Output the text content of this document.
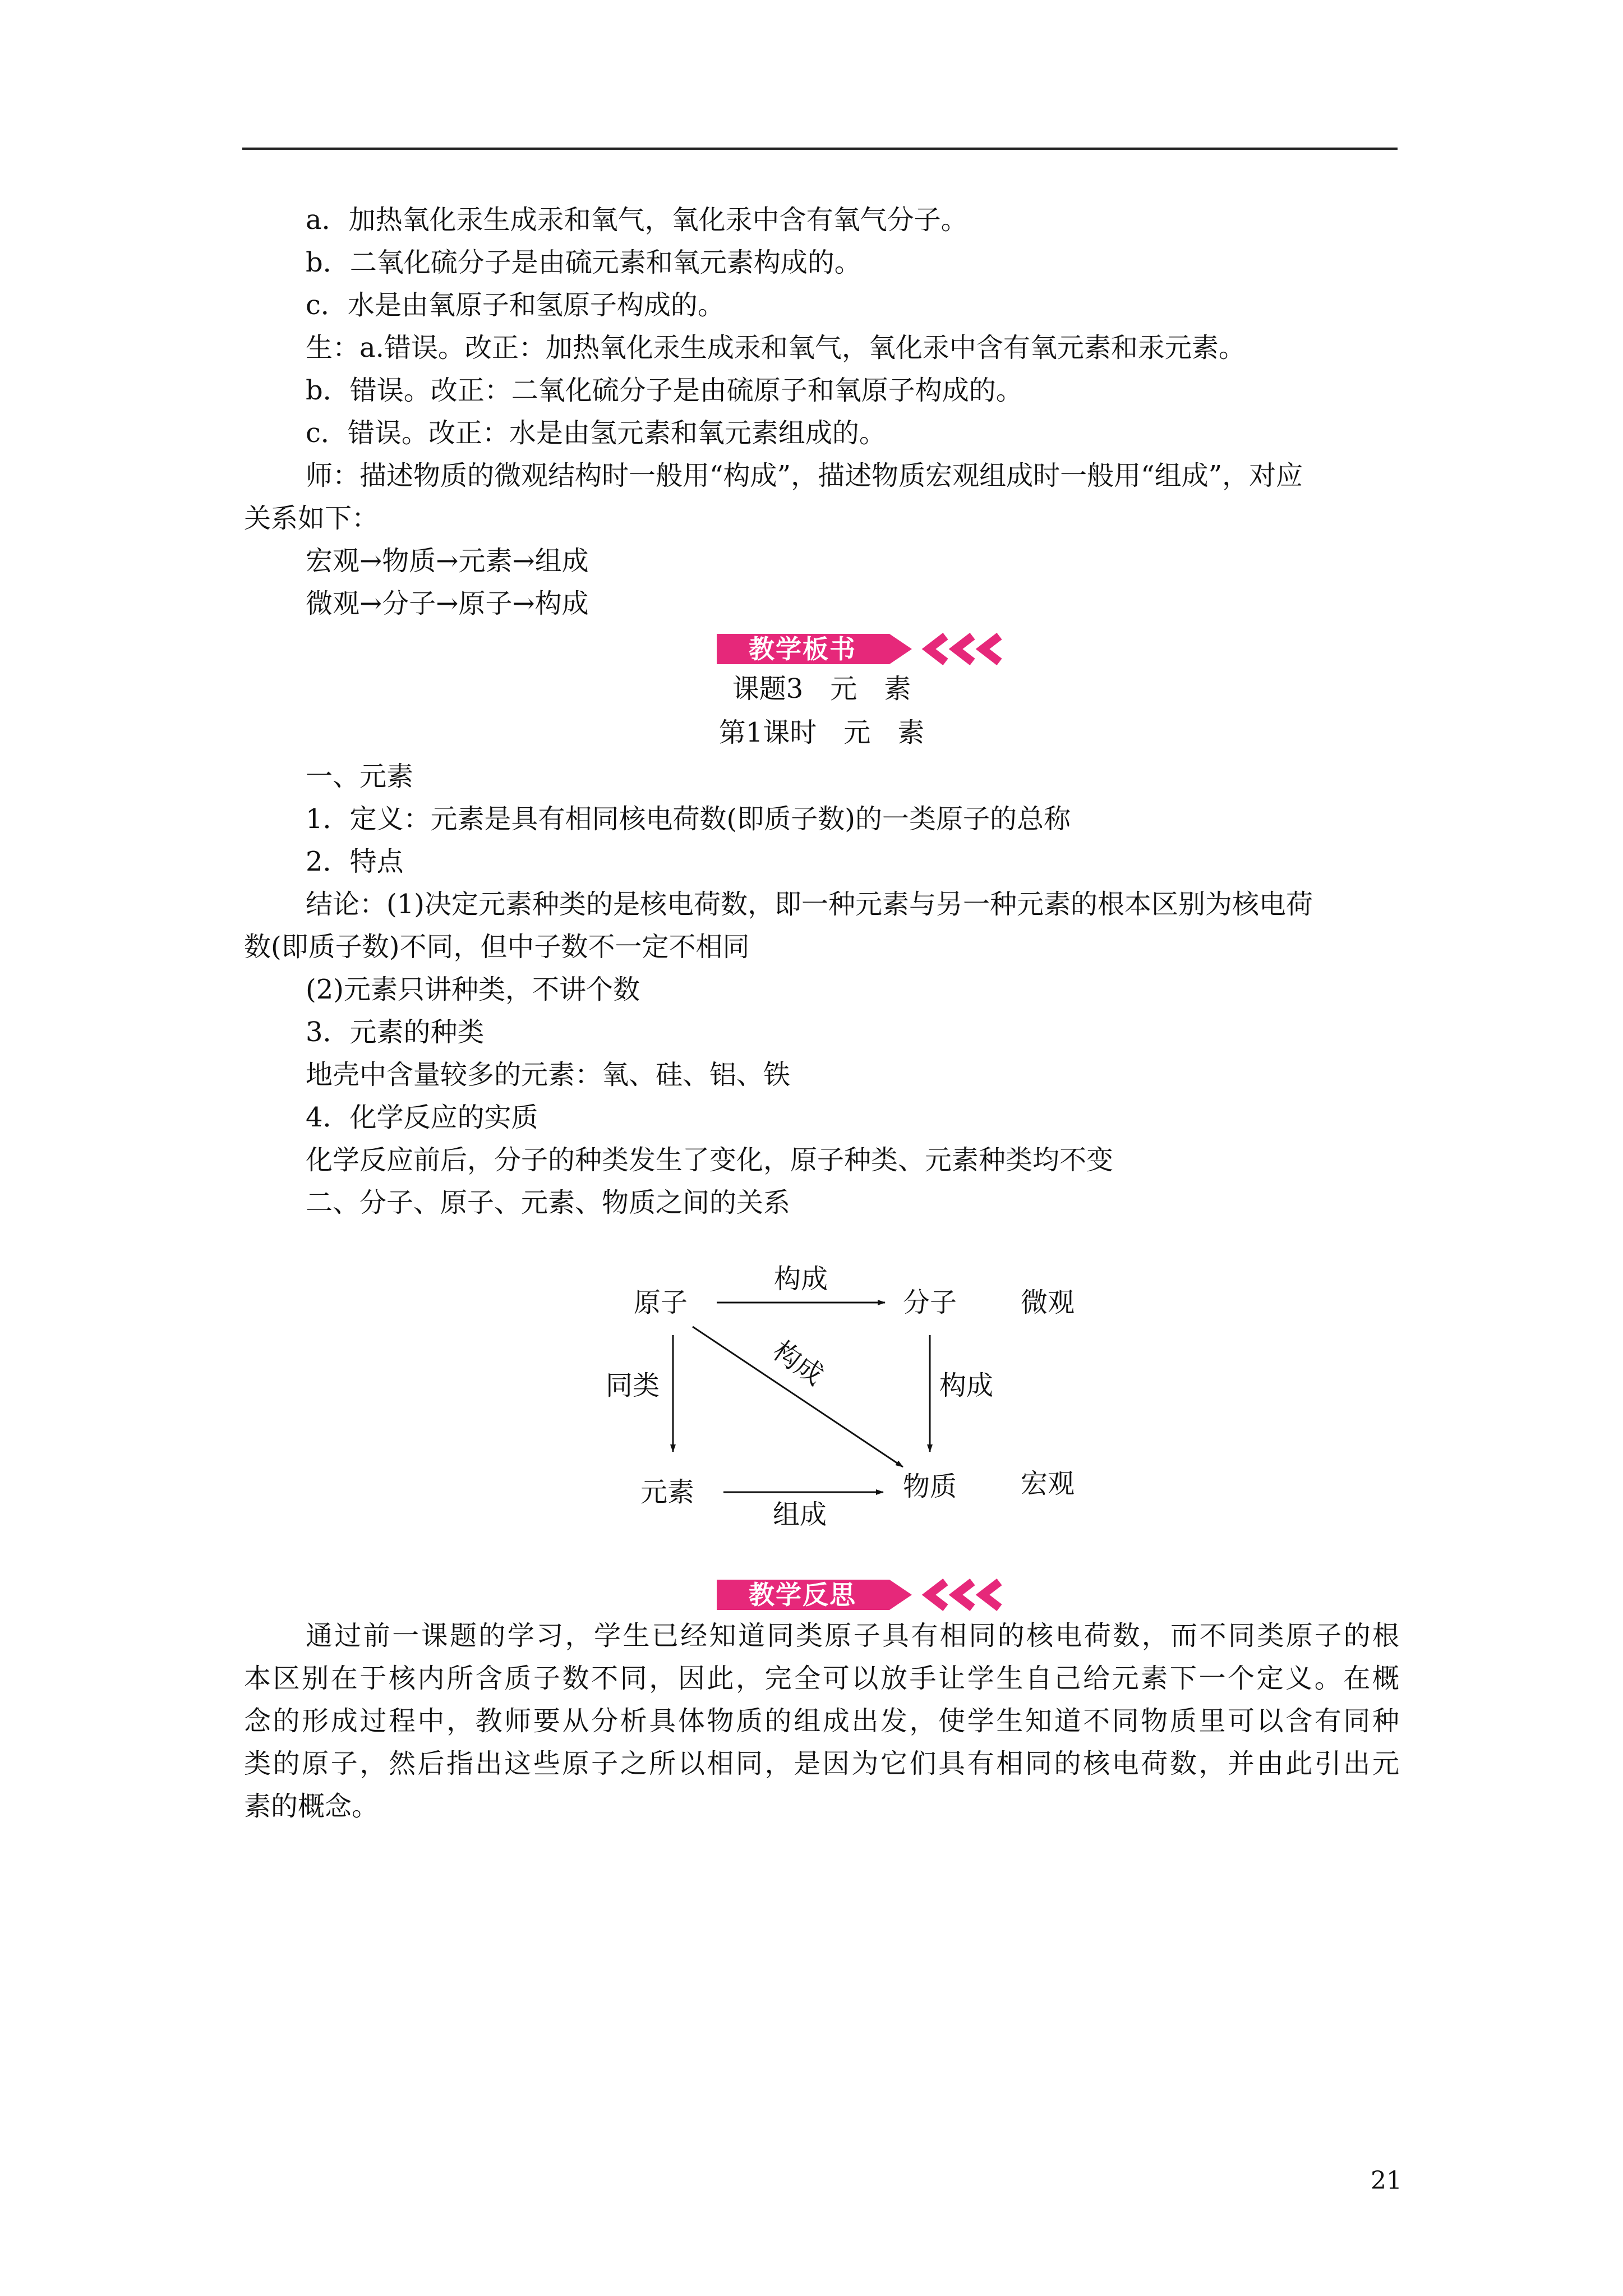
a．加热氧化汞生成汞和氧气，氧化汞中含有氧气分子。
b．二氧化硫分子是由硫元素和氧元素构成的。
c．水是由氧原子和氢原子构成的。
生：a.错误。改正：加热氧化汞生成汞和氧气，氧化汞中含有氧元素和汞元素。
b．错误。改正：二氧化硫分子是由硫原子和氧原子构成的。
c．错误。改正：水是由氢元素和氧元素组成的。
师：描述物质的微观结构时一般用“构成”，描述物质宏观组成时一般用“组成”，对应
关系如下：
宏观→物质→元素→组成
微观→分子→原子→构成
教学板书
课题3　元　素
第1课时　元　素
一、元素
1．定义：元素是具有相同核电荷数(即质子数)的一类原子的总称
2．特点
结论：(1)决定元素种类的是核电荷数，即一种元素与另一种元素的根本区别为核电荷
数(即质子数)不同，但中子数不一定不相同
(2)元素只讲种类，不讲个数
3．元素的种类
地壳中含量较多的元素：氧、硅、铝、铁
4．化学反应的实质
化学反应前后，分子的种类发生了变化，原子种类、元素种类均不变
二、分子、原子、元素、物质之间的关系
原子	分子 微观
构成
同类	构成
构成
元素	物质 宏观
组成
教学反思
通过前一课题的学习，学生已经知道同类原子具有相同的核电荷数，而不同类原子的根
本区别在于核内所含质子数不同，因此，完全可以放手让学生自己给元素下一个定义。在概
念的形成过程中，教师要从分析具体物质的组成出发，使学生知道不同物质里可以含有同种
类的原子，然后指出这些原子之所以相同，是因为它们具有相同的核电荷数，并由此引出元
素的概念。
21
